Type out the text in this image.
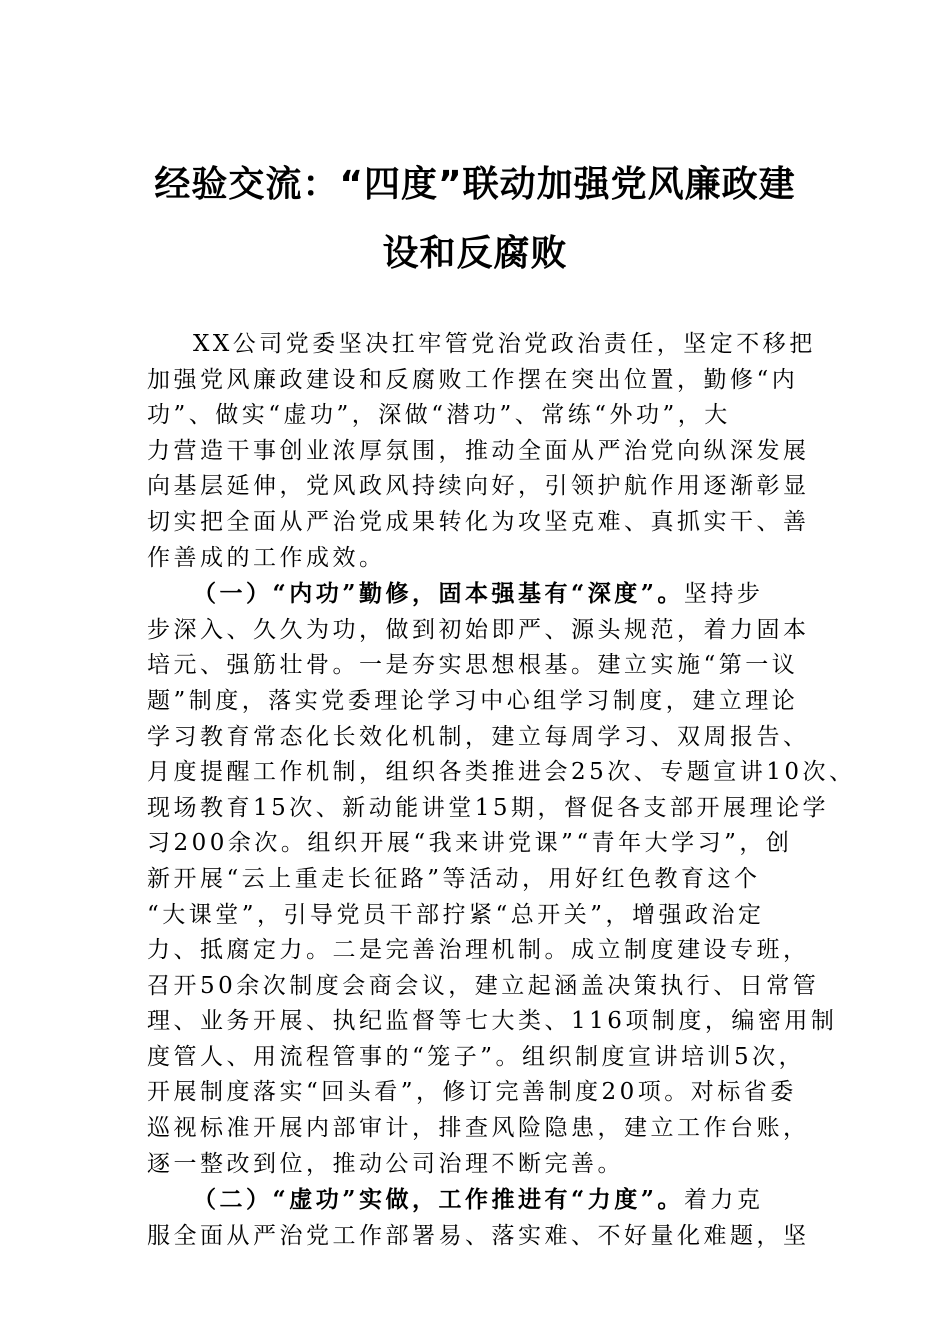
经验交流：“四度”联动加强党风廉政建
设和反腐败
XX公司党委坚决扛牢管党治党政治责任，坚定不移把
加强党风廉政建设和反腐败工作摆在突出位置，勤修“内
功”、做实“虚功”，深做“潜功”、常练“外功”，大
力营造干事创业浓厚氛围，推动全面从严治党向纵深发展
向基层延伸，党风政风持续向好，引领护航作用逐渐彰显
切实把全面从严治党成果转化为攻坚克难、真抓实干、善
作善成的工作成效。
（一）“内功”勤修，固本强基有“深度”。坚持步
步深入、久久为功，做到初始即严、源头规范，着力固本
培元、强筋壮骨。一是夯实思想根基。建立实施“第一议
题”制度，落实党委理论学习中心组学习制度，建立理论
学习教育常态化长效化机制，建立每周学习、双周报告、
月度提醒工作机制，组织各类推进会25次、专题宣讲10次、
现场教育15次、新动能讲堂15期，督促各支部开展理论学
习200余次。组织开展“我来讲党课”“青年大学习”，创
新开展“云上重走长征路”等活动，用好红色教育这个
“大课堂”，引导党员干部拧紧“总开关”，增强政治定
力、抵腐定力。二是完善治理机制。成立制度建设专班，
召开50余次制度会商会议，建立起涵盖决策执行、日常管
理、业务开展、执纪监督等七大类、116项制度，编密用制
度管人、用流程管事的“笼子”。组织制度宣讲培训5次，
开展制度落实“回头看”，修订完善制度20项。对标省委
巡视标准开展内部审计，排查风险隐患，建立工作台账，
逐一整改到位，推动公司治理不断完善。
（二）“虚功”实做，工作推进有“力度”。着力克
服全面从严治党工作部署易、落实难、不好量化难题，坚
